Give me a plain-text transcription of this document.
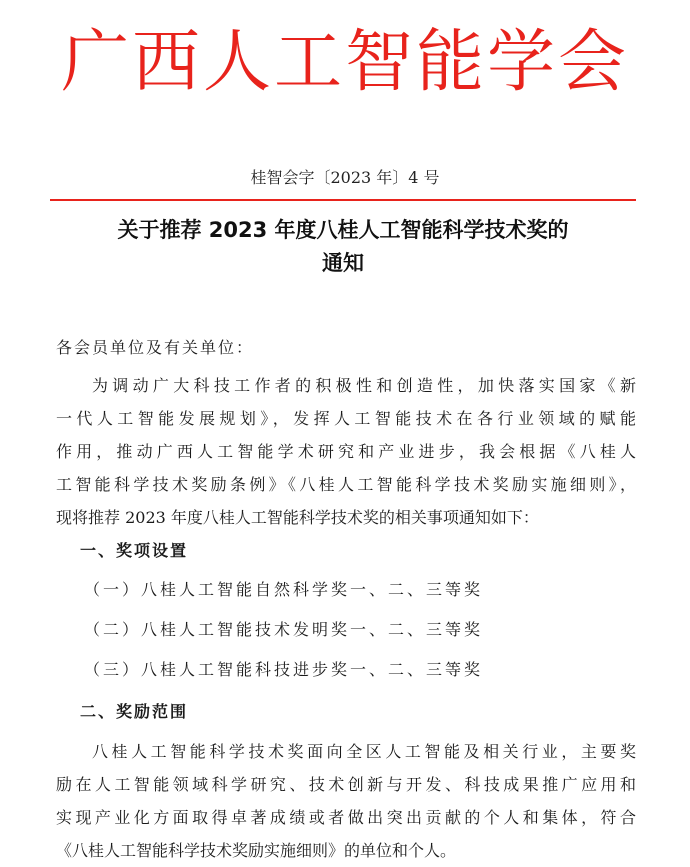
广西人工智能学会
桂智会字〔2023 年〕4 号
关于推荐 2023 年度八桂人工智能科学技术奖的
通知
各会员单位及有关单位：
为调动广大科技工作者的积极性和创造性，加快落实国家《新
一代人工智能发展规划》，发挥人工智能技术在各行业领域的赋能
作用，推动广西人工智能学术研究和产业进步，我会根据《八桂人
工智能科学技术奖励条例》《八桂人工智能科学技术奖励实施细则》，
现将推荐 2023 年度八桂人工智能科学技术奖的相关事项通知如下：
一、奖项设置
（一）八桂人工智能自然科学奖一、二、三等奖
（二）八桂人工智能技术发明奖一、二、三等奖
（三）八桂人工智能科技进步奖一、二、三等奖
二、奖励范围
八桂人工智能科学技术奖面向全区人工智能及相关行业，主要奖
励在人工智能领域科学研究、技术创新与开发、科技成果推广应用和
实现产业化方面取得卓著成绩或者做出突出贡献的个人和集体，符合
《八桂人工智能科学技术奖励实施细则》的单位和个人。
